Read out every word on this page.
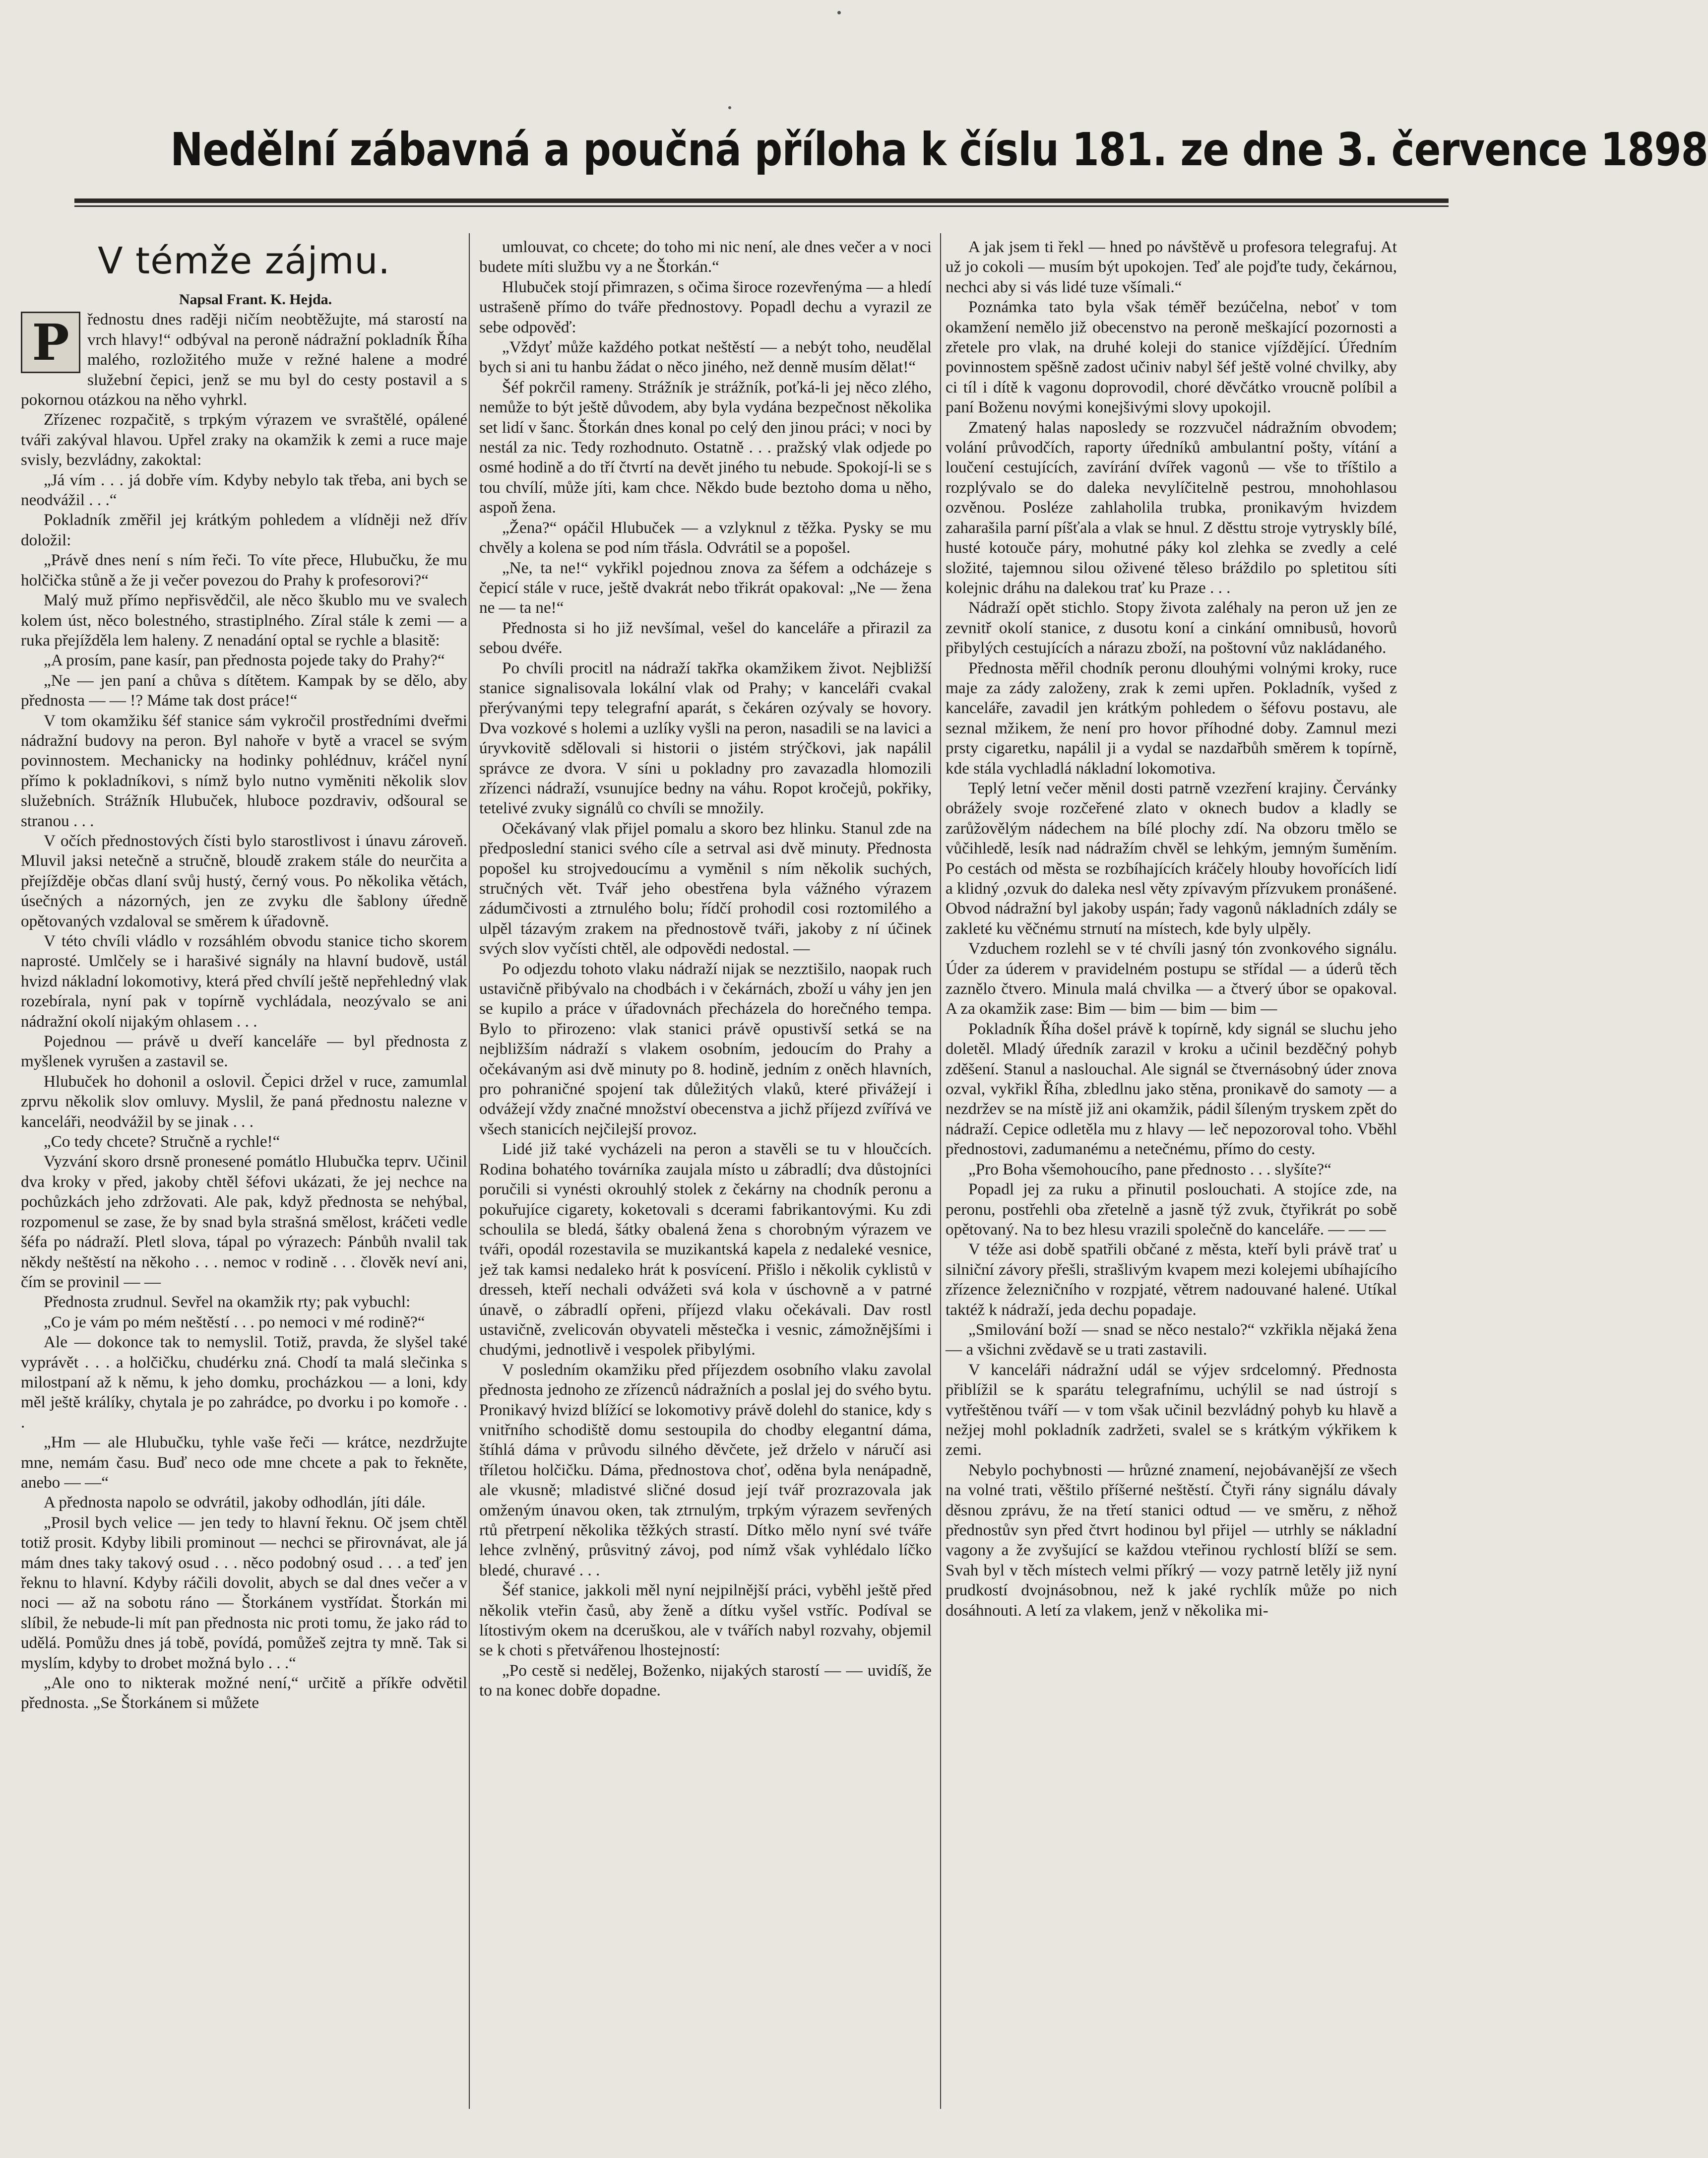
Nedělní zábavná a poučná příloha k číslu 181. ze dne 3. července 1898
V témže zájmu.

Napsal Frant. K. Hejda.

P	řednostu dnes raději ničím neobtěžujte, má starostí na vrch hlavy!“ odbýval na peroně nádražní pokladník Říha malého, rozložitého muže v režné halene a modré služební čepici, jenž se mu byl do cesty postavil a s pokornou otázkou na něho vyhrkl.

Zřízenec rozpačitě, s trpkým výrazem ve svraštělé, opálené tváři zakýval hlavou. Upřel zraky na okamžik k zemi a ruce maje svisly, bezvládny, zakoktal:

„Já vím . . . já dobře vím. Kdyby nebylo tak třeba, ani bych se neodvážil . . .“

Pokladník změřil jej krátkým pohledem a vlídněji než dřív doložil:

„Právě dnes není s ním řeči. To víte přece, Hlubučku, že mu holčička stůně a že ji večer povezou do Prahy k profesorovi?“

Malý muž přímo nepřisvědčil, ale něco škublo mu ve svalech kolem úst, něco bolestného, strastiplného. Zíral stále k zemi — a ruka přejížděla lem haleny. Z nenadání optal se rychle a blasitě:

„A prosím, pane kasír, pan přednosta pojede taky do Prahy?“

„Ne — jen paní a chůva s dítětem. Kampak by se dělo, aby přednosta — — !? Máme tak dost práce!“

V tom okamžiku šéf stanice sám vykročil prostředními dveřmi nádražní budovy na peron. Byl nahoře v bytě a vracel se svým povinnostem. Mechanicky na hodinky pohlédnuv, kráčel nyní přímo k pokladníkovi, s nímž bylo nutno vyměniti několik slov služebních. Strážník Hlubuček, hluboce pozdraviv, odšoural se stranou . . .

V očích přednostových čísti bylo starostlivost i únavu zároveň. Mluvil jaksi netečně a stručně, bloudě zrakem stále do neurčita a přejížděje občas dlaní svůj hustý, černý vous. Po několika větách, úsečných a názorných, jen ze zvyku dle šablony úředně opětovaných vzdaloval se směrem k úřadovně.

V této chvíli vládlo v rozsáhlém obvodu stanice ticho skorem naprosté. Umlčely se i harašivé signály na hlavní budově, ustál hvizd nákladní lokomotivy, která před chvílí ještě nepřehledný vlak rozebírala, nyní pak v topírně vychládala, neozývalo se ani nádražní okolí nijakým ohlasem . . .

Pojednou — právě u dveří kanceláře — byl přednosta z myšlenek vyrušen a zastavil se.

Hlubuček ho dohonil a oslovil. Čepici držel v ruce, zamumlal zprvu několik slov omluvy. Myslil, že paná přednostu nalezne v kanceláři, neodvážil by se jinak . . .

„Co tedy chcete? Stručně a rychle!“

Vyzvání skoro drsně pronesené pomátlo Hlubučka teprv. Učinil dva kroky v před, jakoby chtěl šéfovi ukázati, že jej nechce na pochůzkách jeho zdržovati. Ale pak, když přednosta se nehýbal, rozpomenul se zase, že by snad byla strašná smělost, kráčeti vedle šéfa po nádraží. Pletl slova, tápal po výrazech: Pánbůh nvalil tak někdy neštěstí na někoho . . . nemoc v rodině . . . člověk neví ani, čím se provinil — —

Přednosta zrudnul. Sevřel na okamžik rty; pak vybuchl:

„Co je vám po mém neštěstí . . . po nemoci v mé rodině?“

Ale — dokonce tak to nemyslil. Totiž, pravda, že slyšel také vyprávět . . . a holčičku, chudérku zná. Chodí ta malá slečinka s milostpaní až k němu, k jeho domku, procházkou — a loni, kdy měl ještě králíky, chytala je po zahrádce, po dvorku i po komoře . . .

„Hm — ale Hlubučku, tyhle vaše řeči — krátce, nezdržujte mne, nemám času. Buď neco ode mne chcete a pak to řekněte, anebo — —“

A přednosta napolo se odvrátil, jakoby odhodlán, jíti dále.

„Prosil bych velice — jen tedy to hlavní řeknu. Oč jsem chtěl totiž prosit. Kdyby libili prominout — nechci se přirovnávat, ale já mám dnes taky takový osud . . . něco podobný osud . . . a teď jen řeknu to hlavní. Kdyby ráčili dovolit, abych se dal dnes večer a v noci — až na sobotu ráno — Štorkánem vystřídat. Štorkán mi slíbil, že nebude-li mít pan přednosta nic proti tomu, že jako rád to udělá. Pomůžu dnes já tobě, povídá, pomůžeš zejtra ty mně. Tak si myslím, kdyby to drobet možná bylo . . .“

„Ale ono to nikterak možné není,“ určitě a příkře odvětil přednosta. „Se Štorkánem si můžete

umlouvat, co chcete; do toho mi nic není, ale dnes večer a v noci budete míti službu vy a ne Štorkán.“

Hlubuček stojí přimrazen, s očima široce rozevřenýma — a hledí ustrašeně přímo do tváře přednostovy. Popadl dechu a vyrazil ze sebe odpověď:

„Vždyť může každého potkat neštěstí — a nebýt toho, neudělal bych si ani tu hanbu žádat o něco jiného, než denně musím dělat!“

Šéf pokrčil rameny. Strážník je strážník, poťká-li jej něco zlého, nemůže to být ještě důvodem, aby byla vydána bezpečnost několika set lidí v šanc. Štorkán dnes konal po celý den jinou práci; v noci by nestál za nic. Tedy rozhodnuto. Ostatně . . . pražský vlak odjede po osmé hodině a do tří čtvrtí na devět jiného tu nebude. Spokojí-li se s tou chvílí, může jíti, kam chce. Někdo bude beztoho doma u něho, aspoň žena.

„Žena?“ opáčil Hlubuček — a vzlyknul z těžka. Pysky se mu chvěly a kolena se pod ním třásla. Odvrátil se a popošel.

„Ne, ta ne!“ vykřikl pojednou znova za šéfem a odcházeje s čepicí stále v ruce, ještě dvakrát nebo třikrát opakoval: „Ne — žena ne — ta ne!“

Přednosta si ho již nevšímal, vešel do kanceláře a přirazil za sebou dvéře.

Po chvíli procitl na nádraží takřka okamžikem život. Nejbližší stanice signalisovala lokální vlak od Prahy; v kanceláři cvakal přerývanými tepy telegrafní aparát, s čekáren ozývaly se hovory. Dva vozkové s holemi a uzlíky vyšli na peron, nasadili se na lavici a úryvkovitě sdělovali si historii o jistém strýčkovi, jak napálil správce ze dvora. V síni u pokladny pro zavazadla hlomozili zřízenci nádraží, vsunujíce bedny na váhu. Ropot kročejů, pokřiky, tetelivé zvuky signálů co chvíli se množily.

Očekávaný vlak přijel pomalu a skoro bez hlinku. Stanul zde na předposlední stanici svého cíle a setrval asi dvě minuty. Přednosta popošel ku strojvedoucímu a vyměnil s ním několik suchých, stručných vět. Tvář jeho obestřena byla vážného výrazem zádumčivosti a ztrnulého bolu; řídčí prohodil cosi roztomilého a ulpěl tázavým zrakem na přednostově tváři, jakoby z ní účinek svých slov vyčísti chtěl, ale odpovědi nedostal. —

Po odjezdu tohoto vlaku nádraží nijak se nezztišilo, naopak ruch ustavičně přibývalo na chodbách i v čekárnách, zboží u váhy jen jen se kupilo a práce v úřadovnách přecházela do horečného tempa. Bylo to přirozeno: vlak stanici právě opustivší setká se na nejbližším nádraží s vlakem osobním, jedoucím do Prahy a očekávaným asi dvě minuty po 8. hodině, jedním z oněch hlavních, pro pohraničné spojení tak důležitých vlaků, které přivážejí i odvážejí vždy značné množství obecenstva a jichž příjezd zvířívá ve všech stanicích nejčilejší provoz.

Lidé již také vycházeli na peron a stavěli se tu v hloučcích. Rodina bohatého továrníka zaujala místo u zábradlí; dva důstojníci poručili si vynésti okrouhlý stolek z čekárny na chodník peronu a pokuřujíce cigarety, koketovali s dcerami fabrikantovými. Ku zdi schoulila se bledá, šátky obalená žena s chorobným výrazem ve tváři, opodál rozestavila se muzikantská kapela z nedaleké vesnice, jež tak kamsi nedaleko hrát k posvícení. Přišlo i několik cyklistů v dresseh, kteří nechali odvážeti svá kola v úschovně a v patrné únavě, o zábradlí opřeni, příjezd vlaku očekávali. Dav rostl ustavičně, zvelicován obyvateli městečka i vesnic, zámožnějšími i chudými, jednotlivě i vespolek přibylými.

V posledním okamžiku před příjezdem osobního vlaku zavolal přednosta jednoho ze zřízenců nádražních a poslal jej do svého bytu. Pronikavý hvizd blížící se lokomotivy právě dolehl do stanice, kdy s vnitřního schodiště domu sestoupila do chodby elegantní dáma, štíhlá dáma v průvodu silného děvčete, jež drželo v náručí asi tříletou holčičku. Dáma, přednostova choť, oděna byla nenápadně, ale vkusně; mladistvé sličné dosud její tvář prozrazovala jak omženým únavou oken, tak ztrnulým, trpkým výrazem sevřených rtů přetrpení několika těžkých strastí. Dítko mělo nyní své tváře lehce zvlněný, průsvitný závoj, pod nímž však vyhlédalo líčko bledé, churavé . . .

Šéf stanice, jakkoli měl nyní nejpilnější práci, vyběhl ještě před několik vteřin časů, aby ženě a dítku vyšel vstříc. Podíval se lítostivým okem na dceruškou, ale v tvářích nabyl rozvahy, objemil se k choti s přetvářenou lhostejností:

„Po cestě si nedělej, Boženko, nijakých starostí — — uvidíš, že to na konec dobře dopadne.

A jak jsem ti řekl — hned po návštěvě u profesora telegrafuj. At už jo cokoli — musím být upokojen. Teď ale pojďte tudy, čekárnou, nechci aby si vás lidé tuze všímali.“

Poznámka tato byla však téměř bezúčelna, neboť v tom okamžení nemělo již obecenstvo na peroně meškající pozornosti a zřetele pro vlak, na druhé koleji do stanice vjíždějící. Úředním povinnostem spěšně zadost učiniv nabyl šéf ještě volné chvilky, aby ci tíl i dítě k vagonu doprovodil, choré děvčátko vroucně políbil a paní Boženu novými konejšivými slovy upokojil.

Zmatený halas naposledy se rozzvučel nádražním obvodem; volání průvodčích, raporty úředníků ambulantní pošty, vítání a loučení cestujících, zavírání dvířek vagonů — vše to tříštilo a rozplývalo se do daleka nevylíčitelně pestrou, mnohohlasou ozvěnou. Posléze zahlaholila trubka, pronikavým hvizdem zaharašila parní píšťala a vlak se hnul. Z děsttu stroje vytryskly bílé, husté kotouče páry, mohutné páky kol zlehka se zvedly a celé složité, tajemnou silou oživené těleso bráždilo po spletitou síti kolejnic dráhu na dalekou trať ku Praze . . .

Nádraží opět stichlo. Stopy života zaléhaly na peron už jen ze zevnitř okolí stanice, z dusotu koní a cinkání omnibusů, hovorů přibylých cestujících a nárazu zboží, na poštovní vůz nakládaného.

Přednosta měřil chodník peronu dlouhými volnými kroky, ruce maje za zády založeny, zrak k zemi upřen. Pokladník, vyšed z kanceláře, zavadil jen krátkým pohledem o šéfovu postavu, ale seznal mžikem, že není pro hovor příhodné doby. Zamnul mezi prsty cigaretku, napálil ji a vydal se nazdařbůh směrem k topírně, kde stála vychladlá nákladní lokomotiva.

Teplý letní večer měnil dosti patrně vzezření krajiny. Červánky obrážely svoje rozčeřené zlato v oknech budov a kladly se zarůžovělým nádechem na bílé plochy zdí. Na obzoru tmělo se vůčihledě, lesík nad nádražím chvěl se lehkým, jemným šuměním. Po cestách od města se rozbíhajících kráčely hlouby hovořících lidí a klidný ,ozvuk do daleka nesl věty zpívavým přízvukem pronášené. Obvod nádražní byl jakoby uspán; řady vagonů nákladních zdály se zakleté ku věčnému strnutí na místech, kde byly ulpěly.

Vzduchem rozlehl se v té chvíli jasný tón zvonkového signálu. Úder za úderem v pravidelném postupu se střídal — a úderů těch zaznělo čtvero. Minula malá chvilka — a čtverý úbor se opakoval. A za okamžik zase: Bim — bim — bim — bim —

Pokladník Říha došel právě k topírně, kdy signál se sluchu jeho doletěl. Mladý úředník zarazil v kroku a učinil bezděčný pohyb zděšení. Stanul a naslouchal. Ale signál se čtvernásobný úder znova ozval, vykřikl Říha, zbledlnu jako stěna, pronikavě do samoty — a nezdržev se na místě již ani okamžik, pádil šíleným tryskem zpět do nádraží. Cepice odletěla mu z hlavy — leč nepozoroval toho. Vběhl přednostovi, zadumanému a netečnému, přímo do cesty.

„Pro Boha všemohoucího, pane přednosto . . . slyšíte?“

Popadl jej za ruku a přinutil poslouchati. A stojíce zde, na peronu, postřehli oba zřetelně a jasně týž zvuk, čtyřikrát po sobě opětovaný. Na to bez hlesu vrazili společně do kanceláře. — — —

V téže asi době spatřili občané z města, kteří byli právě trať u silniční závory přešli, strašlivým kvapem mezi kolejemi ubíhajícího zřízence železničního v rozpjaté, větrem nadouvané halené. Utíkal taktéž k nádraží, jeda dechu popadaje.

„Smilování boží — snad se něco nestalo?“ vzkřikla nějaká žena — a všichni zvědavě se u trati zastavili.

V kanceláři nádražní udál se výjev srdcelomný. Přednosta přiblížil se k sparátu telegrafnímu, uchýlil se nad ústrojí s vytřeštěnou tváří — v tom však učinil bezvládný pohyb ku hlavě a nežjej mohl pokladník zadržeti, svalel se s krátkým výkřikem k zemi.

Nebylo pochybnosti — hrůzné znamení, nejobávanější ze všech na volné trati, věštilo příšerné neštěstí. Čtyři rány signálu dávaly děsnou zprávu, že na třetí stanici odtud — ve směru, z něhož přednostův syn před čtvrt hodinou byl přijel — utrhly se nákladní vagony a že zvyšující se každou vteřinou rychlostí blíží se sem. Svah byl v těch místech velmi příkrý — vozy patrně letěly již nyní prudkostí dvojnásobnou, než k jaké rychlík může po nich dosáhnouti. A letí za vlakem, jenž v několika mi-
